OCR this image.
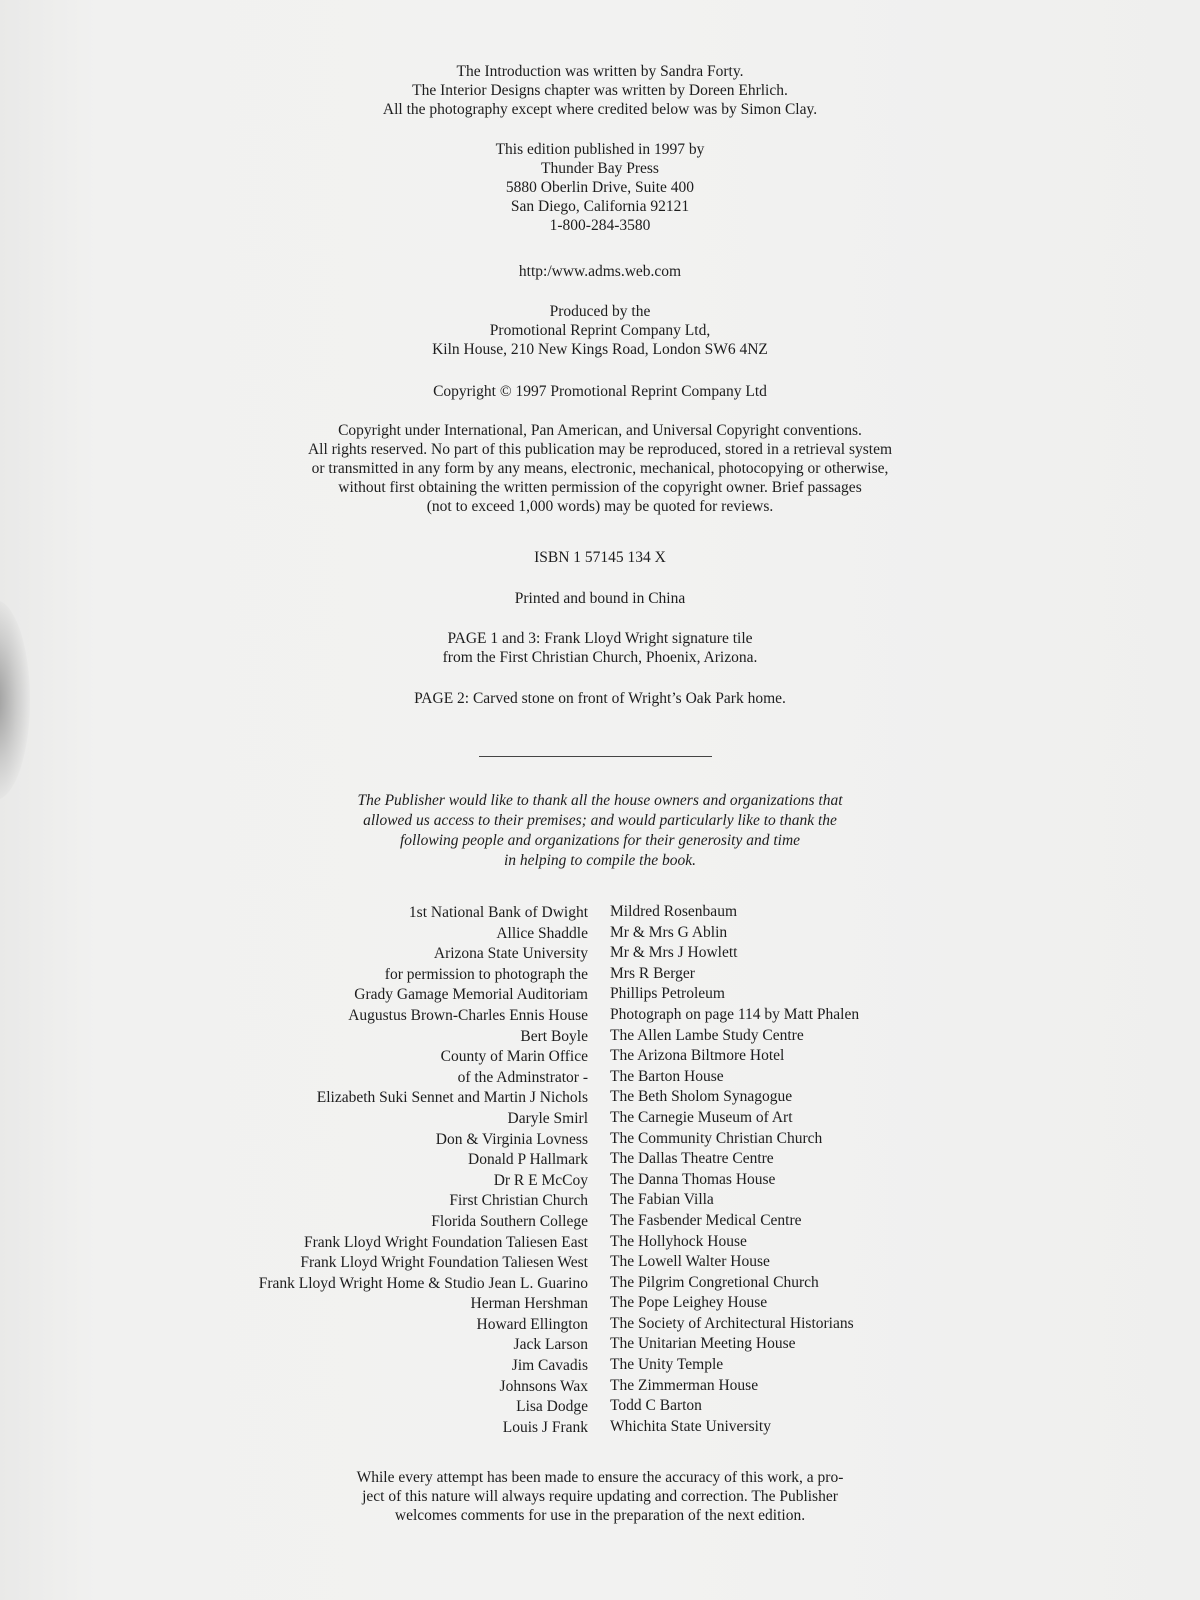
The Introduction was written by Sandra Forty.
The Interior Designs chapter was written by Doreen Ehrlich.
All the photography except where credited below was by Simon Clay.
This edition published in 1997 by
Thunder Bay Press
5880 Oberlin Drive, Suite 400
San Diego, California 92121
1-800-284-3580
http:/www.adms.web.com
Produced by the
Promotional Reprint Company Ltd,
Kiln House, 210 New Kings Road, London SW6 4NZ
Copyright © 1997 Promotional Reprint Company Ltd
Copyright under International, Pan American, and Universal Copyright conventions.
All rights reserved. No part of this publication may be reproduced, stored in a retrieval system
or transmitted in any form by any means, electronic, mechanical, photocopying or otherwise,
without first obtaining the written permission of the copyright owner. Brief passages
(not to exceed 1,000 words) may be quoted for reviews.
ISBN 1 57145 134 X
Printed and bound in China
PAGE 1 and 3: Frank Lloyd Wright signature tile
from the First Christian Church, Phoenix, Arizona.
PAGE 2: Carved stone on front of Wright’s Oak Park home.
The Publisher would like to thank all the house owners and organizations that
allowed us access to their premises; and would particularly like to thank the
following people and organizations for their generosity and time
in helping to compile the book.
1st National Bank of Dwight
Allice Shaddle
Arizona State University
for permission to photograph the
Grady Gamage Memorial Auditoriam
Augustus Brown-Charles Ennis House
Bert Boyle
County of Marin Office
of the Adminstrator -
Elizabeth Suki Sennet and Martin J Nichols
Daryle Smirl
Don & Virginia Lovness
Donald P Hallmark
Dr R E McCoy
First Christian Church
Florida Southern College
Frank Lloyd Wright Foundation Taliesen East
Frank Lloyd Wright Foundation Taliesen West
Frank Lloyd Wright Home & Studio Jean L. Guarino
Herman Hershman
Howard Ellington
Jack Larson
Jim Cavadis
Johnsons Wax
Lisa Dodge
Louis J Frank
Mildred Rosenbaum
Mr & Mrs G Ablin
Mr & Mrs J Howlett
Mrs R Berger
Phillips Petroleum
Photograph on page 114 by Matt Phalen
The Allen Lambe Study Centre
The Arizona Biltmore Hotel
The Barton House
The Beth Sholom Synagogue
The Carnegie Museum of Art
The Community Christian Church
The Dallas Theatre Centre
The Danna Thomas House
The Fabian Villa
The Fasbender Medical Centre
The Hollyhock House
The Lowell Walter House
The Pilgrim Congretional Church
The Pope Leighey House
The Society of Architectural Historians
The Unitarian Meeting House
The Unity Temple
The Zimmerman House
Todd C Barton
Whichita State University
While every attempt has been made to ensure the accuracy of this work, a pro-
ject of this nature will always require updating and correction. The Publisher
welcomes comments for use in the preparation of the next edition.
